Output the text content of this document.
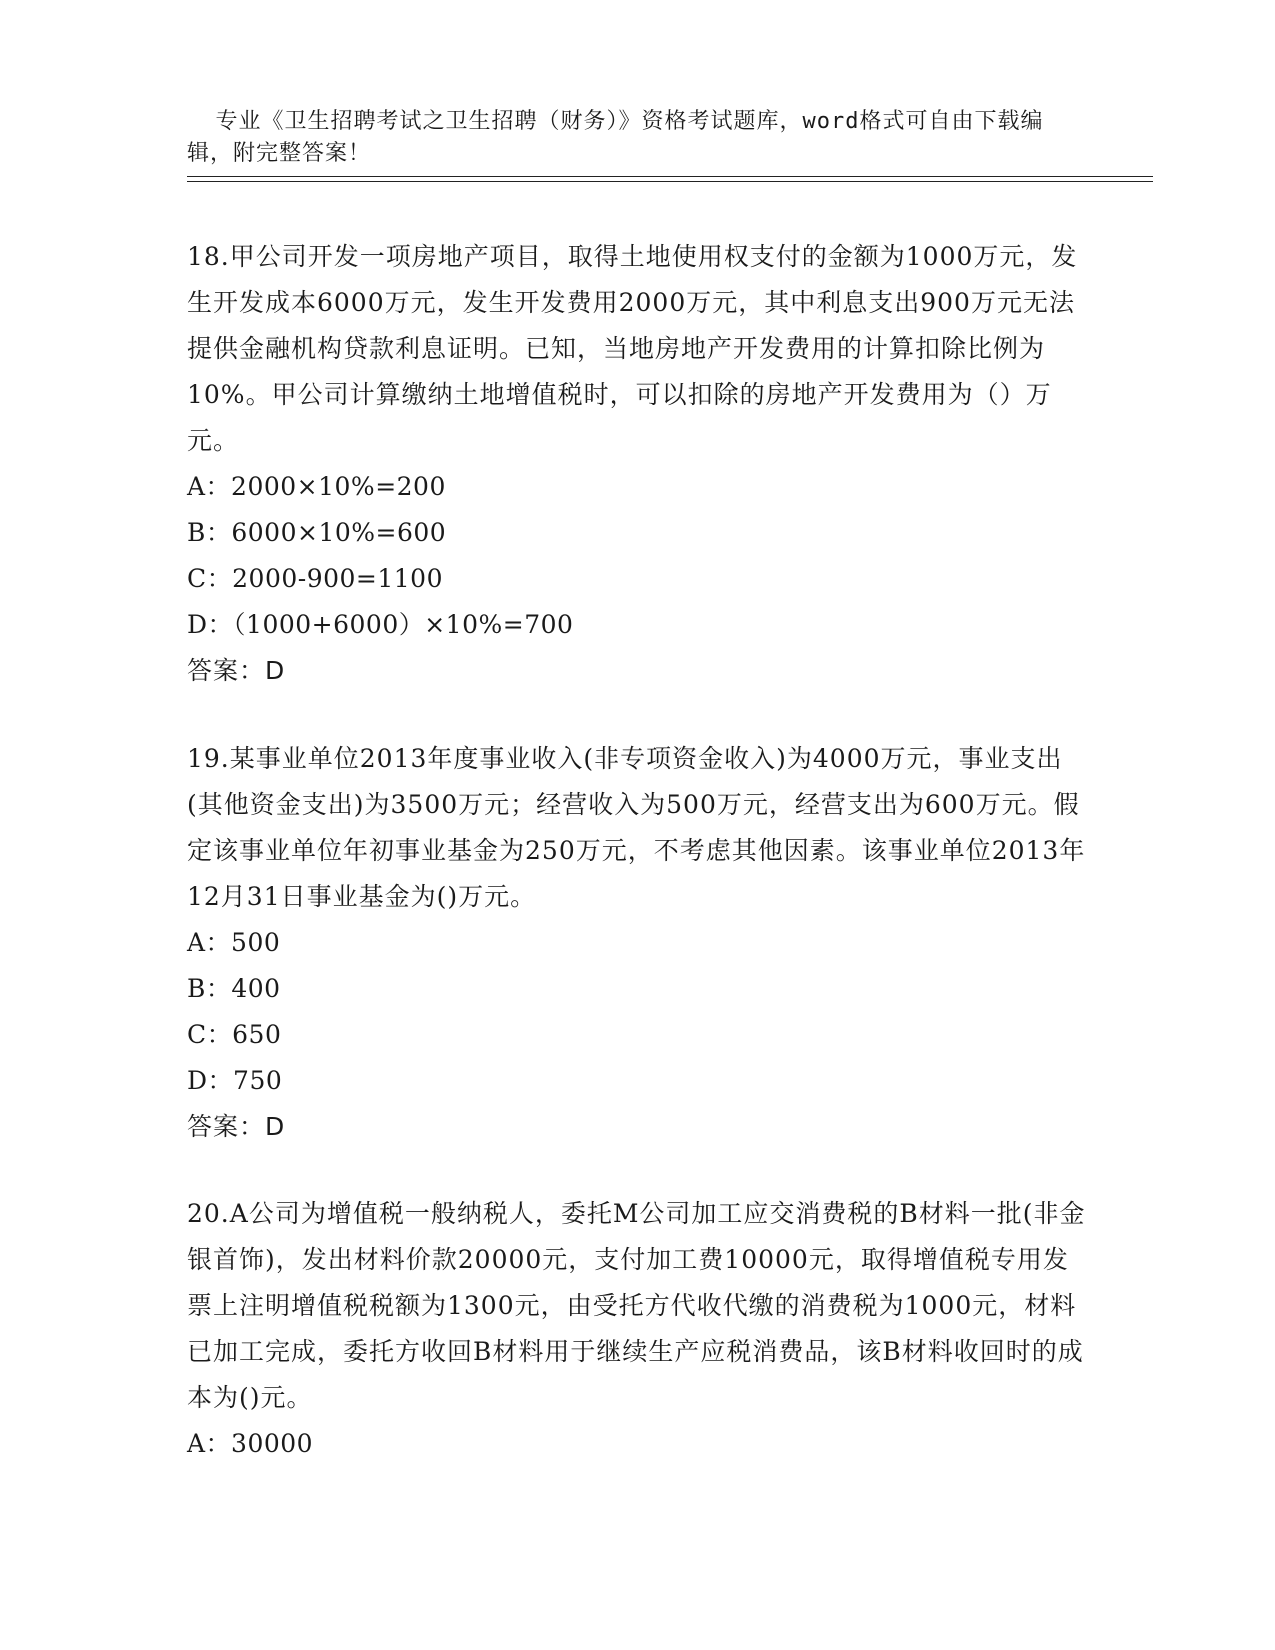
专业《卫生招聘考试之卫生招聘（财务）》资格考试题库，word格式可自由下载编辑，附完整答案！

18.甲公司开发一项房地产项目，取得土地使用权支付的金额为1000万元，发生开发成本6000万元，发生开发费用2000万元，其中利息支出900万元无法提供金融机构贷款利息证明。已知，当地房地产开发费用的计算扣除比例为10%。甲公司计算缴纳土地增值税时，可以扣除的房地产开发费用为（）万元。

A：2000×10%=200

B：6000×10%=600

C：2000-900=1100

D：（1000+6000）×10%=700

答案：D

19.某事业单位2013年度事业收入(非专项资金收入)为4000万元，事业支出(其他资金支出)为3500万元；经营收入为500万元，经营支出为600万元。假定该事业单位年初事业基金为250万元，不考虑其他因素。该事业单位2013年12月31日事业基金为()万元。

A：500

B：400

C：650

D：750

答案：D

20.A公司为增值税一般纳税人，委托M公司加工应交消费税的B材料一批(非金银首饰)，发出材料价款20000元，支付加工费10000元，取得增值税专用发票上注明增值税税额为1300元，由受托方代收代缴的消费税为1000元，材料已加工完成，委托方收回B材料用于继续生产应税消费品，该B材料收回时的成本为()元。

A：30000
